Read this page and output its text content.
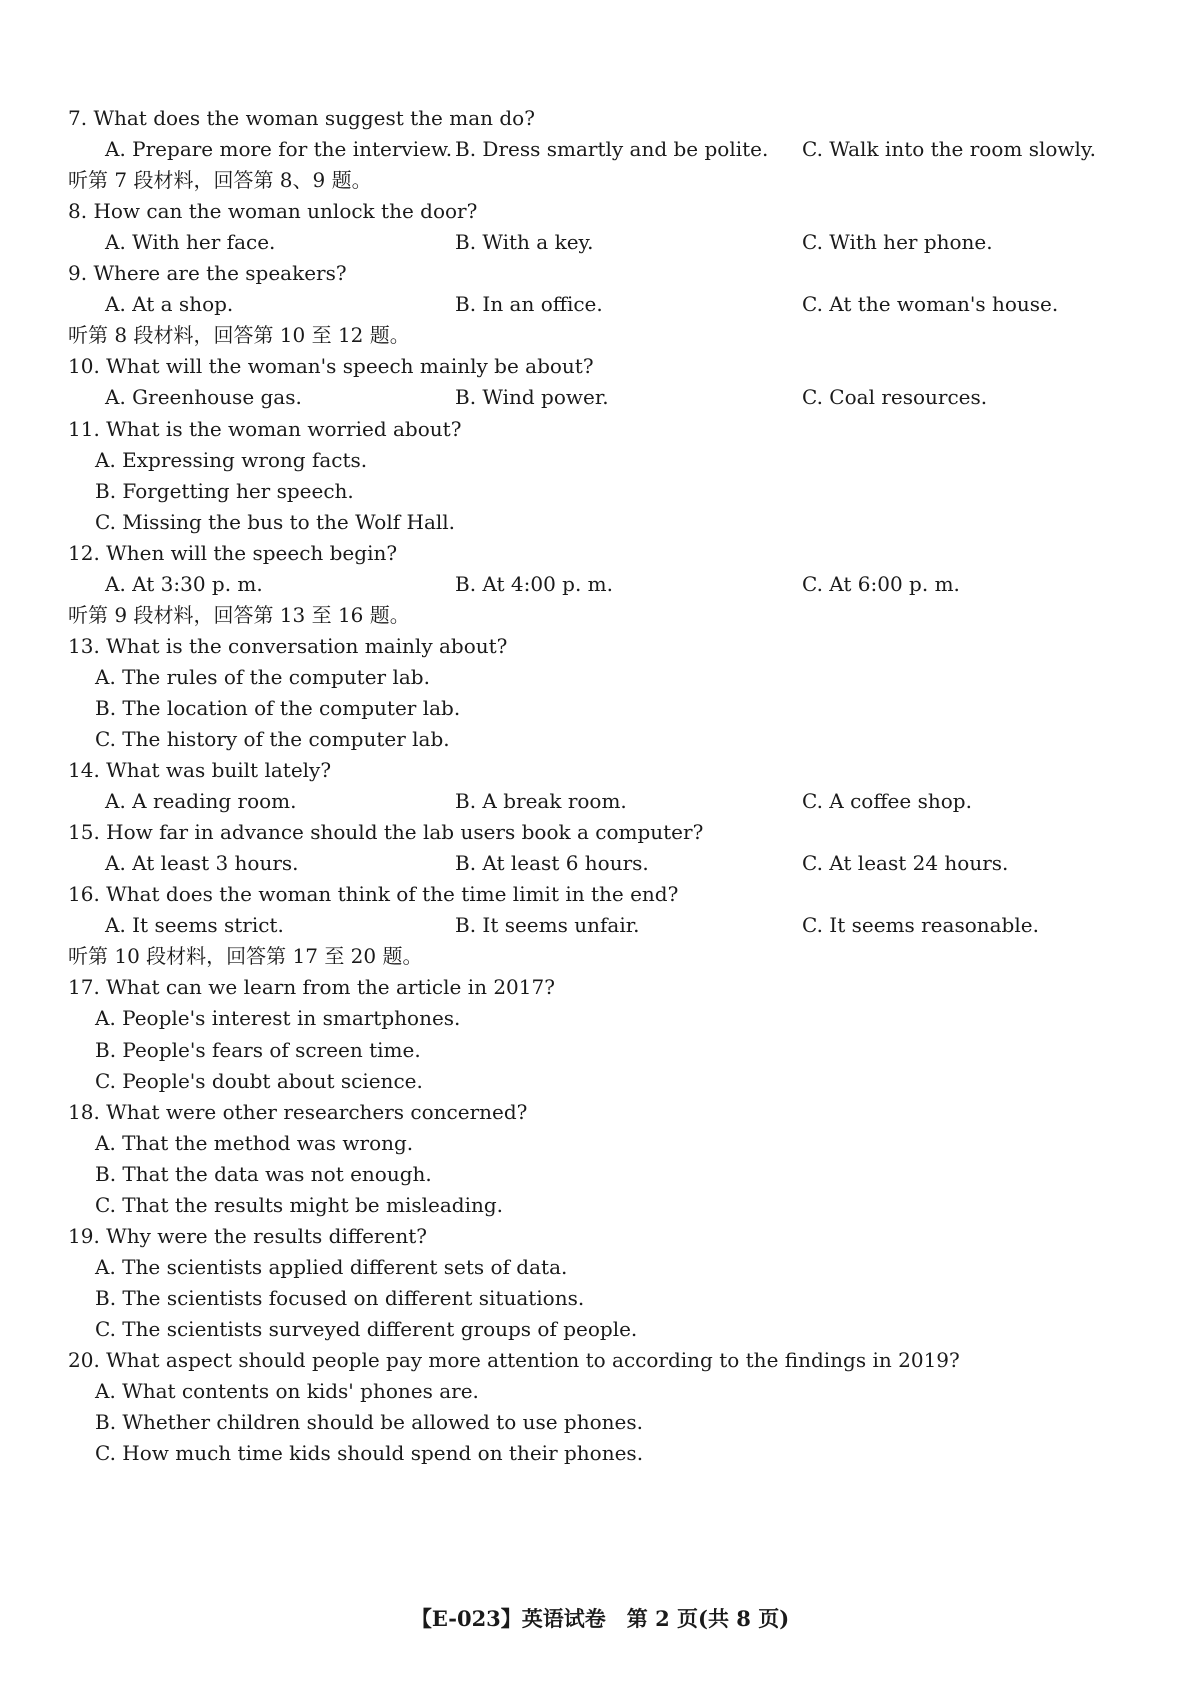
7. What does the woman suggest the man do?
A. Prepare more for the interview. B. Dress smartly and be polite. C. Walk into the room slowly.
听第 7 段材料，回答第 8、9 题。
8. How can the woman unlock the door?
A. With her face.	B. With a key.	C. With her phone.
9. Where are the speakers?
A. At a shop.	B. In an office.	C. At the woman's house.
听第 8 段材料，回答第 10 至 12 题。
10. What will the woman's speech mainly be about?
A. Greenhouse gas.	B. Wind power.	C. Coal resources.
11. What is the woman worried about?
A. Expressing wrong facts.
B. Forgetting her speech.
C. Missing the bus to the Wolf Hall.
12. When will the speech begin?
A. At 3:30 p. m.	B. At 4:00 p. m.	C. At 6:00 p. m.
听第 9 段材料，回答第 13 至 16 题。
13. What is the conversation mainly about?
A. The rules of the computer lab.
B. The location of the computer lab.
C. The history of the computer lab.
14. What was built lately?
A. A reading room.	B. A break room.	C. A coffee shop.
15. How far in advance should the lab users book a computer?
A. At least 3 hours.	B. At least 6 hours.	C. At least 24 hours.
16. What does the woman think of the time limit in the end?
A. It seems strict.	B. It seems unfair.	C. It seems reasonable.
听第 10 段材料，回答第 17 至 20 题。
17. What can we learn from the article in 2017?
A. People's interest in smartphones.
B. People's fears of screen time.
C. People's doubt about science.
18. What were other researchers concerned?
A. That the method was wrong.
B. That the data was not enough.
C. That the results might be misleading.
19. Why were the results different?
A. The scientists applied different sets of data.
B. The scientists focused on different situations.
C. The scientists surveyed different groups of people.
20. What aspect should people pay more attention to according to the findings in 2019?
A. What contents on kids' phones are.
B. Whether children should be allowed to use phones.
C. How much time kids should spend on their phones.
【E-023】英语试卷　第 2 页(共 8 页)
